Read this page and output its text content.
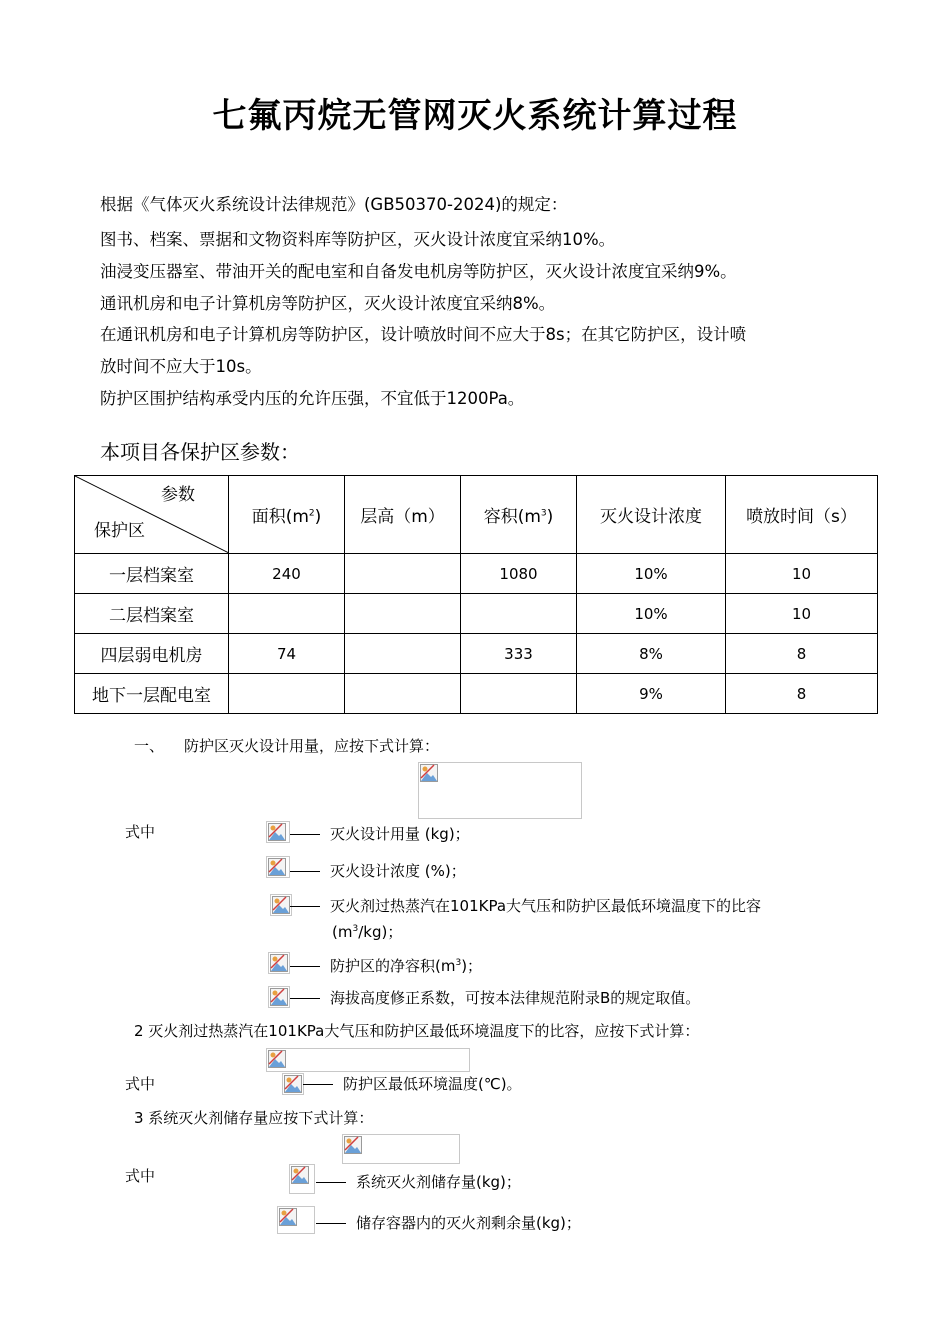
七氟丙烷无管网灭火系统计算过程
根据《气体灭火系统设计法律规范》(GB50370-2024)的规定：
图书、档案、票据和文物资料库等防护区，灭火设计浓度宜采纳10%。
油浸变压器室、带油开关的配电室和自备发电机房等防护区，灭火设计浓度宜采纳9%。
通讯机房和电子计算机房等防护区，灭火设计浓度宜采纳8%。
在通讯机房和电子计算机房等防护区，设计喷放时间不应大于8s；在其它防护区，设计喷
放时间不应大于10s。
防护区围护结构承受内压的允许压强，不宜低于1200Pa。
本项目各保护区参数：
参数
保护区	面积$(m^2)$	层高（m）	容积$(m^3)$	灭火设计浓度	喷放时间（s）
一层档案室	240		1080	10%	10
二层档案室				10%	10
四层弱电机房	74		333	8%	8
地下一层配电室				9%	8
一、 防护区灭火设计用量，应按下式计算：
式中	灭火设计用量 (kg)；
灭火设计浓度 (%)；
灭火剂过热蒸汽在101KPa大气压和防护区最低环境温度下的比容
$(m^3/kg)$；
防护区的净容积$(m^3)$；
海拔高度修正系数，可按本法律规范附录B的规定取值。
2 灭火剂过热蒸汽在101KPa大气压和防护区最低环境温度下的比容，应按下式计算：
式中	防护区最低环境温度(℃)。
3 系统灭火剂储存量应按下式计算：
式中	系统灭火剂储存量(kg)；
储存容器内的灭火剂剩余量(kg)；
